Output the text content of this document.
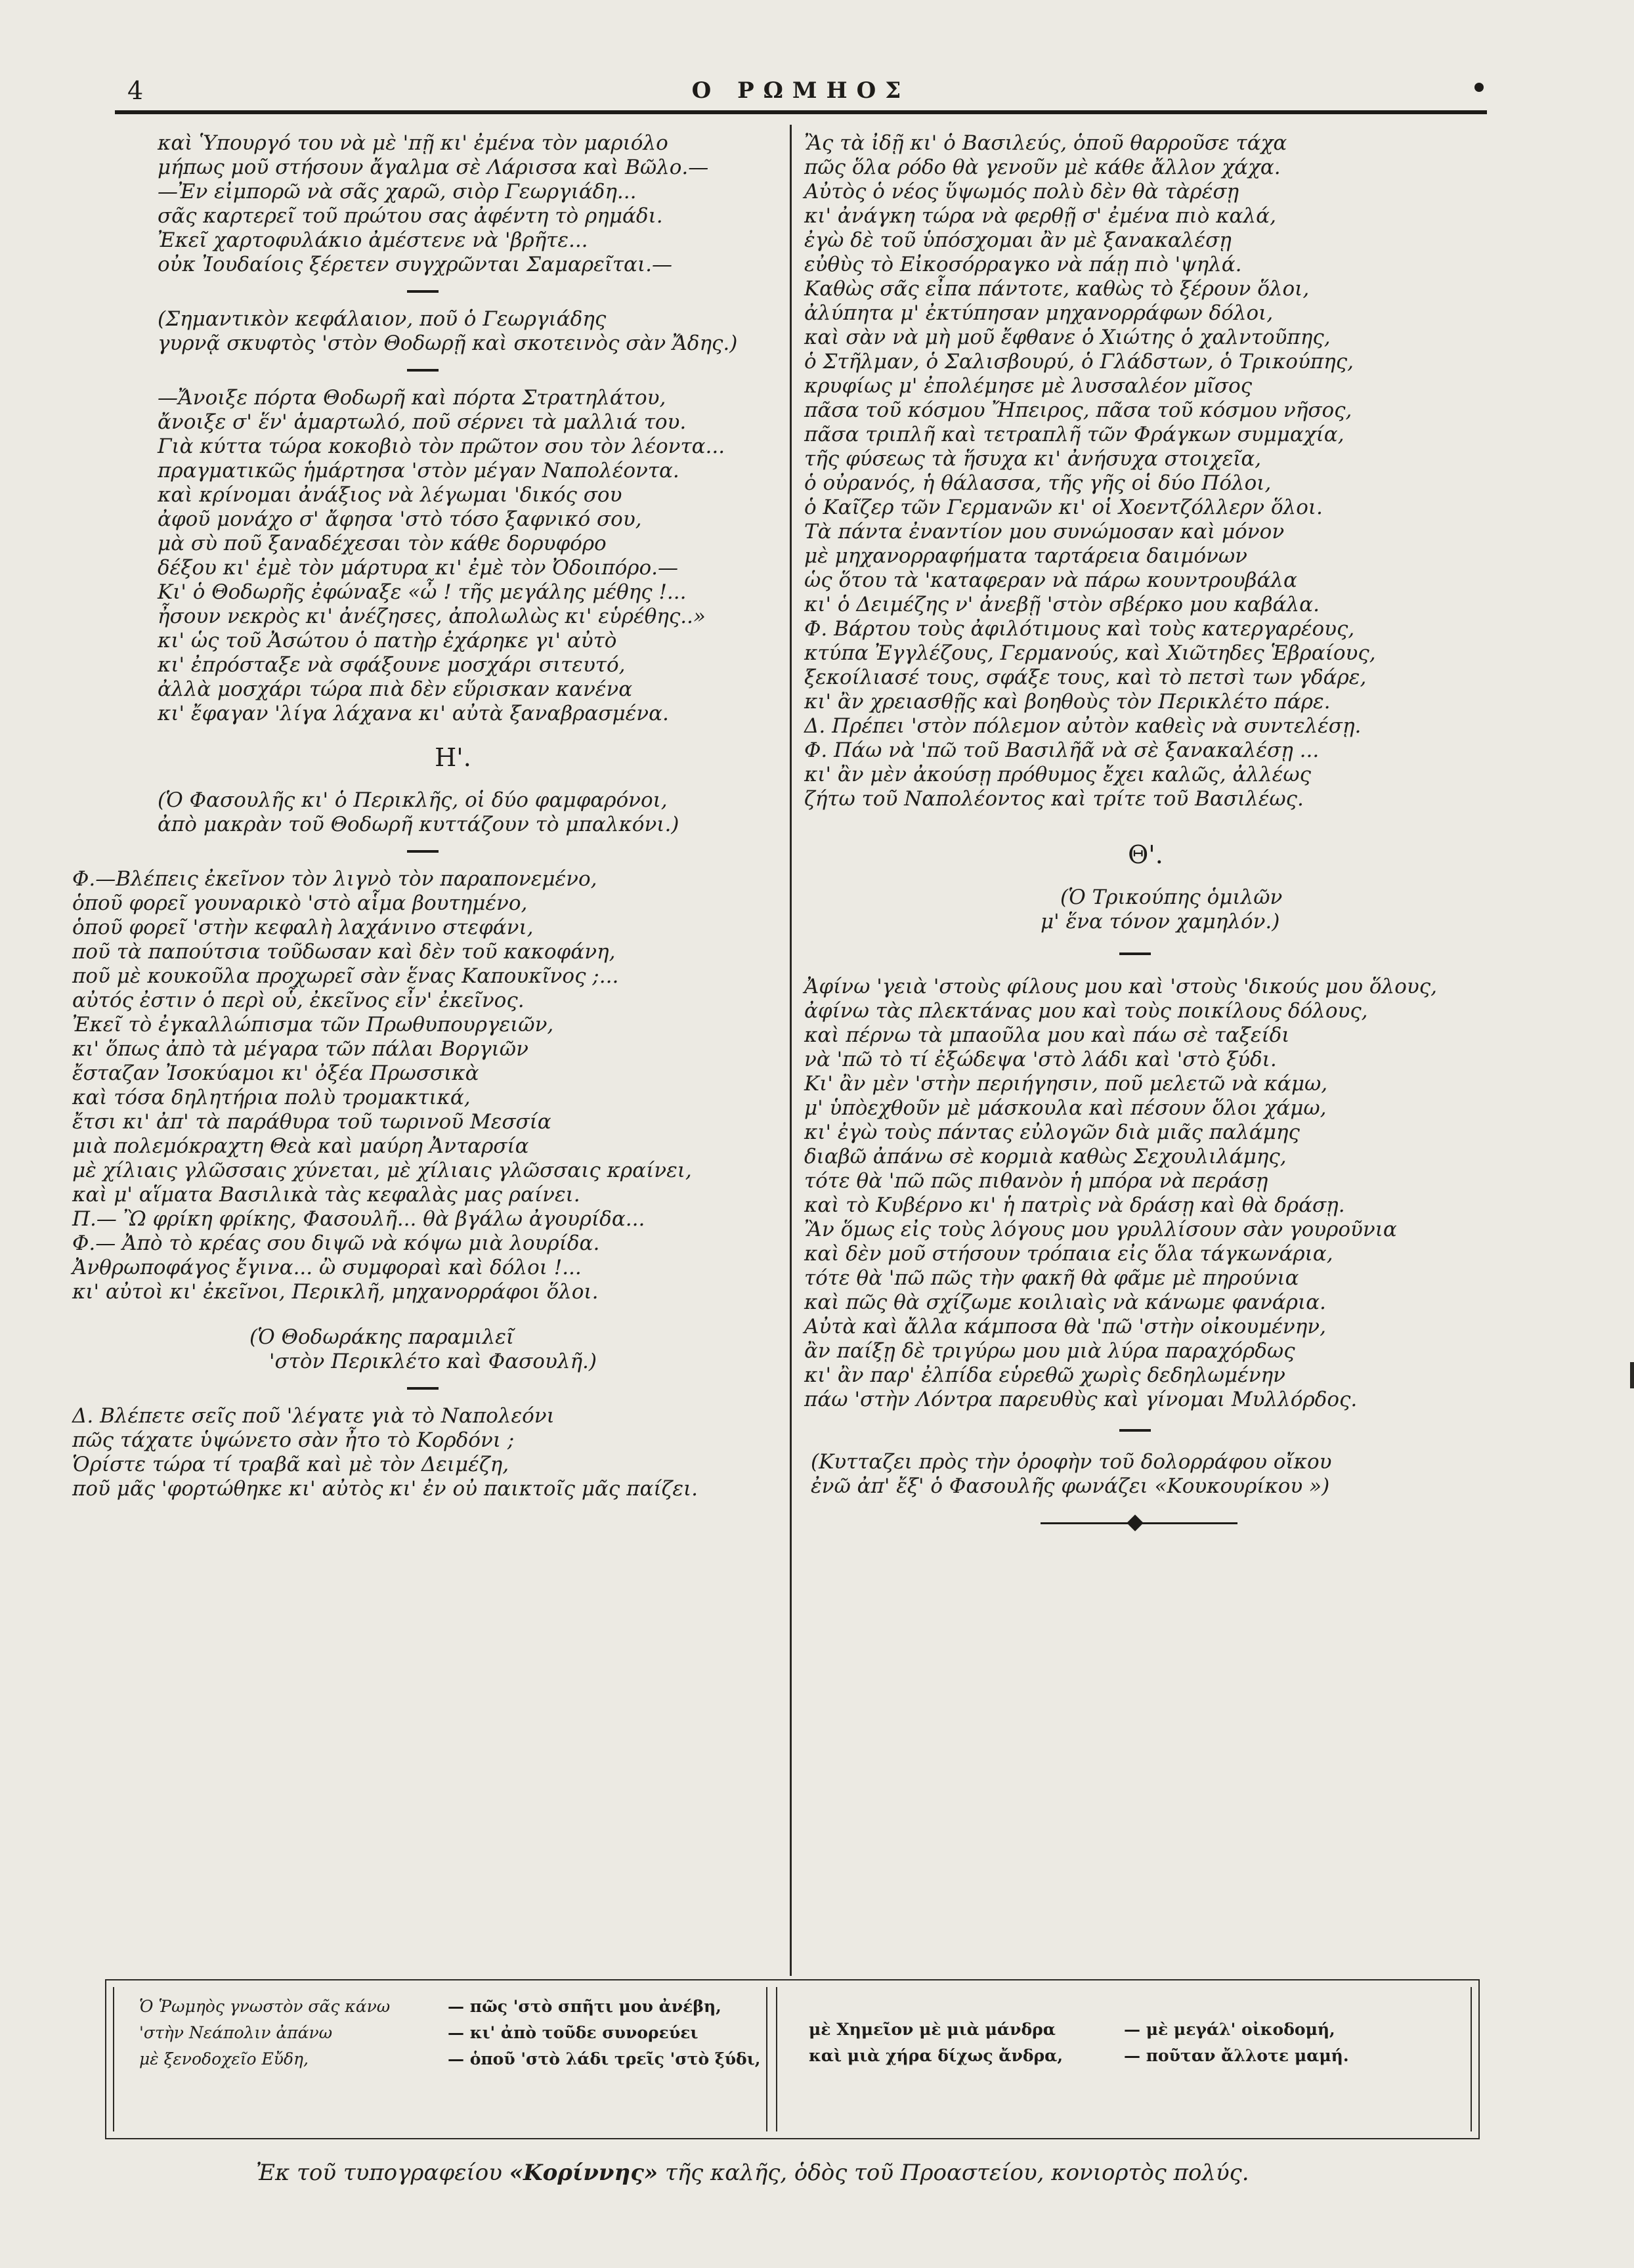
4	Ο ΡΩΜΗΟΣ
καὶ Ὑπουργό του νὰ μὲ 'πῇ κι' ἐμένα τὸν μαριόλο
μήπως μοῦ στήσουν ἄγαλμα σὲ Λάρισσα καὶ Βῶλο.—
—Ἐν εἰμπορῶ νὰ σᾶς χαρῶ, σιὸρ Γεωργιάδη...
σᾶς καρτερεῖ τοῦ πρώτου σας ἀφέντη τὸ ρημάδι.
Ἐκεῖ χαρτοφυλάκιο ἀμέστενε νὰ 'βρῆτε...
οὐκ Ἰουδαίοις ξέρετεν συγχρῶνται Σαμαρεῖται.—
(Σημαντικὸν κεφάλαιον, ποῦ ὁ Γεωργιάδης
γυρνᾷ σκυφτὸς 'στὸν Θοδωρῇ καὶ σκοτεινὸς σὰν Ἄδης.)
—Ἄνοιξε πόρτα Θοδωρῆ καὶ πόρτα Στρατηλάτου,
ἄνοιξε σ' ἕν' ἁμαρτωλό, ποῦ σέρνει τὰ μαλλιά του.
Γιὰ κύττα τώρα κοκοβιὸ τὸν πρῶτον σου τὸν λέοντα...
πραγματικῶς ἡμάρτησα 'στὸν μέγαν Ναπολέοντα.
καὶ κρίνομαι ἀνάξιος νὰ λέγωμαι 'δικός σου
ἀφοῦ μονάχο σ' ἄφησα 'στὸ τόσο ξαφνικό σου,
μὰ σὺ ποῦ ξαναδέχεσαι τὸν κάθε δορυφόρο
δέξου κι' ἐμὲ τὸν μάρτυρα κι' ἐμὲ τὸν Ὀδοιπόρο.—
Κι' ὁ Θοδωρῆς ἐφώναξε «ὦ ! τῆς μεγάλης μέθης !...
ἦσουν νεκρὸς κι' ἀνέζησες, ἀπολωλὼς κι' εὑρέθης..»
κι' ὡς τοῦ Ἀσώτου ὁ πατὴρ ἐχάρηκε γι' αὐτὸ
κι' ἐπρόσταξε νὰ σφάξουνε μοσχάρι σιτευτό,
ἀλλὰ μοσχάρι τώρα πιὰ δὲν εὕρισκαν κανένα
κι' ἔφαγαν 'λίγα λάχανα κι' αὐτὰ ξαναβρασμένα.
Η'.
(Ὁ Φασουλῆς κι' ὁ Περικλῆς, οἱ δύο φαμφαρόνοι,
ἀπὸ μακρὰν τοῦ Θοδωρῆ κυττάζουν τὸ μπαλκόνι.)
Φ.—Βλέπεις ἐκεῖνον τὸν λιγνὸ τὸν παραπονεμένο,
ὁποῦ φορεῖ γουναρικὸ 'στὸ αἷμα βουτημένο,
ὁποῦ φορεῖ 'στὴν κεφαλὴ λαχάνινο στεφάνι,
ποῦ τὰ παπούτσια τοῦδωσαν καὶ δὲν τοῦ κακοφάνη,
ποῦ μὲ κουκοῦλα προχωρεῖ σὰν ἕνας Καπουκῖνος ;...
αὐτός ἐστιν ὁ περὶ οὗ, ἐκεῖνος εἶν' ἐκεῖνος.
Ἐκεῖ τὸ ἐγκαλλώπισμα τῶν Πρωθυπουργειῶν,
κι' ὅπως ἀπὸ τὰ μέγαρα τῶν πάλαι Βοργιῶν
ἔσταζαν Ἰσοκύαμοι κι' ὀξέα Πρωσσικὰ
καὶ τόσα δηλητήρια πολὺ τρομακτικά,
ἔτσι κι' ἀπ' τὰ παράθυρα τοῦ τωρινοῦ Μεσσία
μιὰ πολεμόκραχτη Θεὰ καὶ μαύρη Ἀνταρσία
μὲ χίλιαις γλῶσσαις χύνεται, μὲ χίλιαις γλῶσσαις κραίνει,
καὶ μ' αἵματα Βασιλικὰ τὰς κεφαλὰς μας ραίνει.
Π.— Ὢ φρίκη φρίκης, Φασουλῆ... θὰ βγάλω ἀγουρίδα...
Φ.— Ἀπὸ τὸ κρέας σου διψῶ νὰ κόψω μιὰ λουρίδα.
Ἀνθρωποφάγος ἔγινα... ὢ συμφοραὶ καὶ δόλοι !...
κι' αὐτοὶ κι' ἐκεῖνοι, Περικλῆ, μηχανορράφοι ὅλοι.
(Ὁ Θοδωράκης παραμιλεῖ
'στὸν Περικλέτο καὶ Φασουλῆ.)
Δ. Βλέπετε σεῖς ποῦ 'λέγατε γιὰ τὸ Ναπολεόνι
πῶς τάχατε ὑψώνετο σὰν ἦτο τὸ Κορδόνι ;
Ὁρίστε τώρα τί τραβᾶ καὶ μὲ τὸν Δειμέζη,
ποῦ μᾶς 'φορτώθηκε κι' αὐτὸς κι' ἐν οὐ παικτοῖς μᾶς παίζει.
Ἂς τὰ ἰδῇ κι' ὁ Βασιλεύς, ὁποῦ θαρροῦσε τάχα
πῶς ὅλα ρόδο θὰ γενοῦν μὲ κάθε ἄλλον χάχα.
Αὐτὸς ὁ νέος ὕψωμός πολὺ δὲν θὰ τὰρέσῃ
κι' ἀνάγκη τώρα νὰ φερθῇ σ' ἐμένα πιὸ καλά,
ἐγὼ δὲ τοῦ ὑπόσχομαι ἂν μὲ ξανακαλέσῃ
εὐθὺς τὸ Εἰκοσόρραγκο νὰ πάῃ πιὸ 'ψηλά.
Καθὼς σᾶς εἶπα πάντοτε, καθὼς τὸ ξέρουν ὅλοι,
ἀλύπητα μ' ἐκτύπησαν μηχανορράφων δόλοι,
καὶ σὰν νὰ μὴ μοῦ ἔφθανε ὁ Χιώτης ὁ χαλντοῦπης,
ὁ Στῆλμαν, ὁ Σαλισβουρύ, ὁ Γλάδστων, ὁ Τρικούπης,
κρυφίως μ' ἐπολέμησε μὲ λυσσαλέον μῖσος
πᾶσα τοῦ κόσμου Ἤπειρος, πᾶσα τοῦ κόσμου νῆσος,
πᾶσα τριπλῆ καὶ τετραπλῆ τῶν Φράγκων συμμαχία,
τῆς φύσεως τὰ ἥσυχα κι' ἀνήσυχα στοιχεῖα,
ὁ οὐρανός, ἡ θάλασσα, τῆς γῆς οἱ δύο Πόλοι,
ὁ Καῖζερ τῶν Γερμανῶν κι' οἱ Χοεντζόλλερν ὅλοι.
Τὰ πάντα ἐναντίον μου συνώμοσαν καὶ μόνον
μὲ μηχανορραφήματα ταρτάρεια δαιμόνων
ὡς ὅτου τὰ 'καταφεραν νὰ πάρω κουντρουβάλα
κι' ὁ Δειμέζης ν' ἀνεβῇ 'στὸν σβέρκο μου καβάλα.
Φ. Βάρτου τοὺς ἀφιλότιμους καὶ τοὺς κατεργαρέους,
κτύπα Ἐγγλέζους, Γερμανούς, καὶ Χιῶτηδες Ἑβραίους,
ξεκοίλιασέ τους, σφάξε τους, καὶ τὸ πετσὶ των γδάρε,
κι' ἂν χρειασθῇς καὶ βοηθοὺς τὸν Περικλέτο πάρε.
Δ. Πρέπει 'στὸν πόλεμον αὐτὸν καθεὶς νὰ συντελέσῃ.
Φ. Πάω νὰ 'πῶ τοῦ Βασιλῆᾶ νὰ σὲ ξανακαλέσῃ ...
κι' ἂν μὲν ἀκούσῃ πρόθυμος ἔχει καλῶς, ἀλλέως
ζήτω τοῦ Ναπολέοντος καὶ τρίτε τοῦ Βασιλέως.
Θ'.
(Ὁ Τρικούπης ὁμιλῶν
μ' ἕνα τόνον χαμηλόν.)
Ἀφίνω 'γειὰ 'στοὺς φίλους μου καὶ 'στοὺς 'δικούς μου ὅλους,
ἀφίνω τὰς πλεκτάνας μου καὶ τοὺς ποικίλους δόλους,
καὶ πέρνω τὰ μπαοῦλα μου καὶ πάω σὲ ταξείδι
νὰ 'πῶ τὸ τί ἐξώδεψα 'στὸ λάδι καὶ 'στὸ ξύδι.
Κι' ἂν μὲν 'στὴν περιήγησιν, ποῦ μελετῶ νὰ κάμω,
μ' ὑπὸεχθοῦν μὲ μάσκουλα καὶ πέσουν ὅλοι χάμω,
κι' ἐγὼ τοὺς πάντας εὐλογῶν διὰ μιᾶς παλάμης
διαβῶ ἀπάνω σὲ κορμιὰ καθὼς Σεχουλιλάμης,
τότε θὰ 'πῶ πῶς πιθανὸν ἡ μπόρα νὰ περάσῃ
καὶ τὸ Κυβέρνο κι' ἡ πατρὶς νὰ δράσῃ καὶ θὰ δράσῃ.
Ἂν ὅμως εἰς τοὺς λόγους μου γρυλλίσουν σὰν γουροῦνια
καὶ δὲν μοῦ στήσουν τρόπαια εἰς ὅλα τάγκωνάρια,
τότε θὰ 'πῶ πῶς τὴν φακῆ θὰ φᾶμε μὲ πηρούνια
καὶ πῶς θὰ σχίζωμε κοιλιαὶς νὰ κάνωμε φανάρια.
Αὐτὰ καὶ ἄλλα κάμποσα θὰ 'πῶ 'στὴν οἰκουμένην,
ἂν παίξῃ δὲ τριγύρω μου μιὰ λύρα παραχόρδως
κι' ἂν παρ' ἐλπίδα εὑρεθῶ χωρὶς δεδηλωμένην
πάω 'στὴν Λόντρα παρευθὺς καὶ γίνομαι Μυλλόρδος.
(Κυτταζει πρὸς τὴν ὀροφὴν τοῦ δολορράφου οἴκου
ἐνῶ ἀπ' ἔξ' ὁ Φασουλῆς φωνάζει «Κουκουρίκου »)
Ὁ Ῥωμηὸς γνωστὸν σᾶς κάνω
'στὴν Νεάπολιν ἀπάνω
μὲ ξενοδοχεῖο Εὔδη,
— πῶς 'στὸ σπῆτι μου ἀνέβη,
— κι' ἀπὸ τοῦδε συνορεύει
— ὁποῦ 'στὸ λάδι τρεῖς 'στὸ ξύδι,
μὲ Χημεῖον μὲ μιὰ μάνδρα
καὶ μιὰ χήρα δίχως ἄνδρα,
— μὲ μεγάλ' οἰκοδομή,
— ποῦταν ἄλλοτε μαμή.
Ἐκ τοῦ τυπογραφείου «Κορίννης» τῆς καλῆς, ὁδὸς τοῦ Προαστείου, κονιορτὸς πολύς.
